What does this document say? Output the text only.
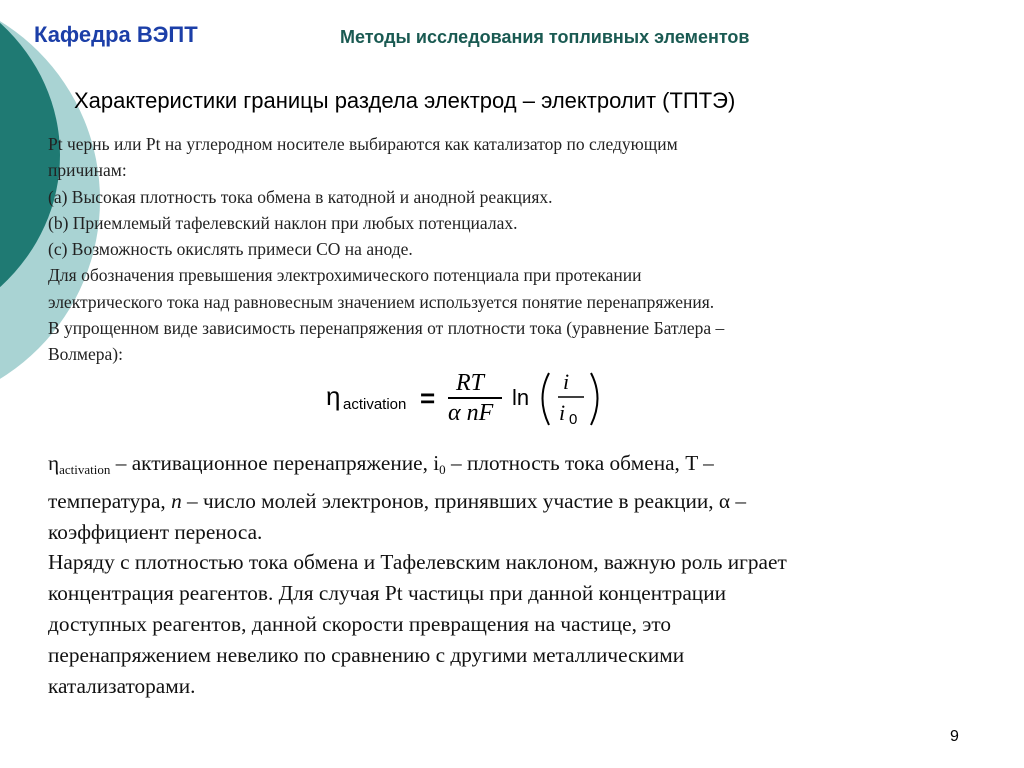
Кафедра ВЭПТ	Методы исследования топливных элементов
Характеристики границы раздела электрод – электролит (ТПТЭ)
Pt чернь или Pt на углеродном носителе выбираются как катализатор по следующим
причинам:
(a) Высокая плотность тока обмена в катодной и анодной реакциях.
(b) Приемлемый тафелевский наклон при любых потенциалах.
(c) Возможность окислять примеси CO на аноде.
Для обозначения превышения электрохимического потенциала при протекании
электрического тока над равновесным значением используется понятие перенапряжения.
В упрощенном виде зависимость перенапряжения от плотности тока (уравнение Батлера –
Волмера):
η activation = RT
α nF
ln
i
i 0
$\eta_{activation}$ – активационное перенапряжение, $i_0$ – плотность тока обмена, T –
температура, n – число молей электронов, принявших участие в реакции, α –
коэффициент переноса.
Наряду с плотностью тока обмена и Тафелевским наклоном, важную роль играет
концентрация реагентов. Для случая Pt частицы при данной концентрации
доступных реагентов, данной скорости превращения на частице, это
перенапряжением невелико по сравнению с другими металлическими
катализаторами.
9
